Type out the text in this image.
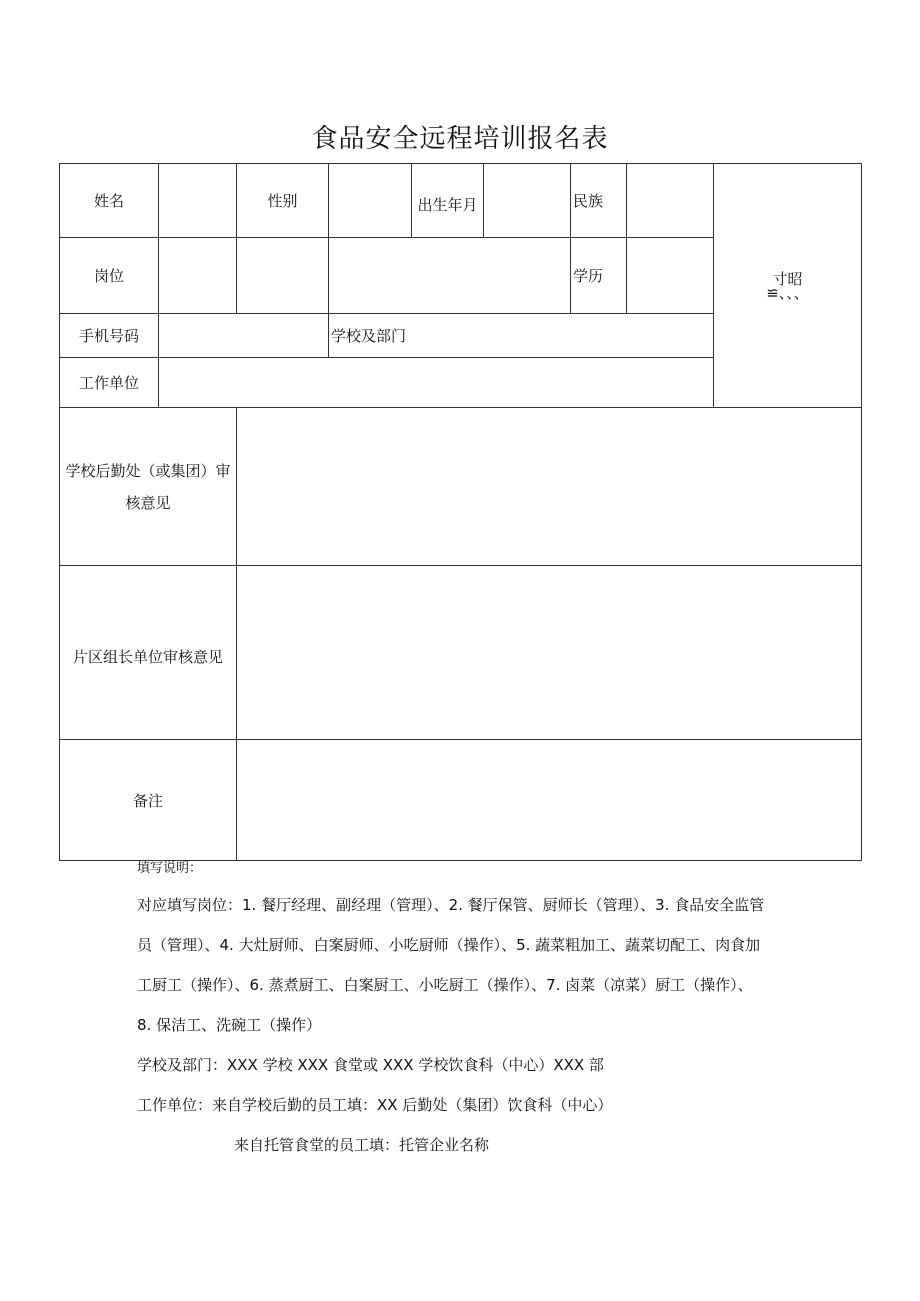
食品安全远程培训报名表
姓名		性别		出生年月		民族		寸昭
≌、、、

岗位						学历		
手机号码			学校及部门					
工作单位								
学校后勤处（或集团）审核意见								
片区组长单位审核意见								
备注								
填写说明：

对应填写岗位：1. 餐厅经理、副经理（管理）、2. 餐厅保管、厨师长（管理）、3. 食品安全监管

员（管理）、4. 大灶厨师、白案厨师、小吃厨师（操作）、5. 蔬菜粗加工、蔬菜切配工、肉食加

工厨工（操作）、6. 蒸煮厨工、白案厨工、小吃厨工（操作）、7. 卤菜（凉菜）厨工（操作）、

8. 保洁工、洗碗工（操作）

学校及部门：XXX 学校 XXX 食堂或 XXX 学校饮食科（中心）XXX 部

工作单位：来自学校后勤的员工填：XX 后勤处（集团）饮食科（中心）

来自托管食堂的员工填：托管企业名称
